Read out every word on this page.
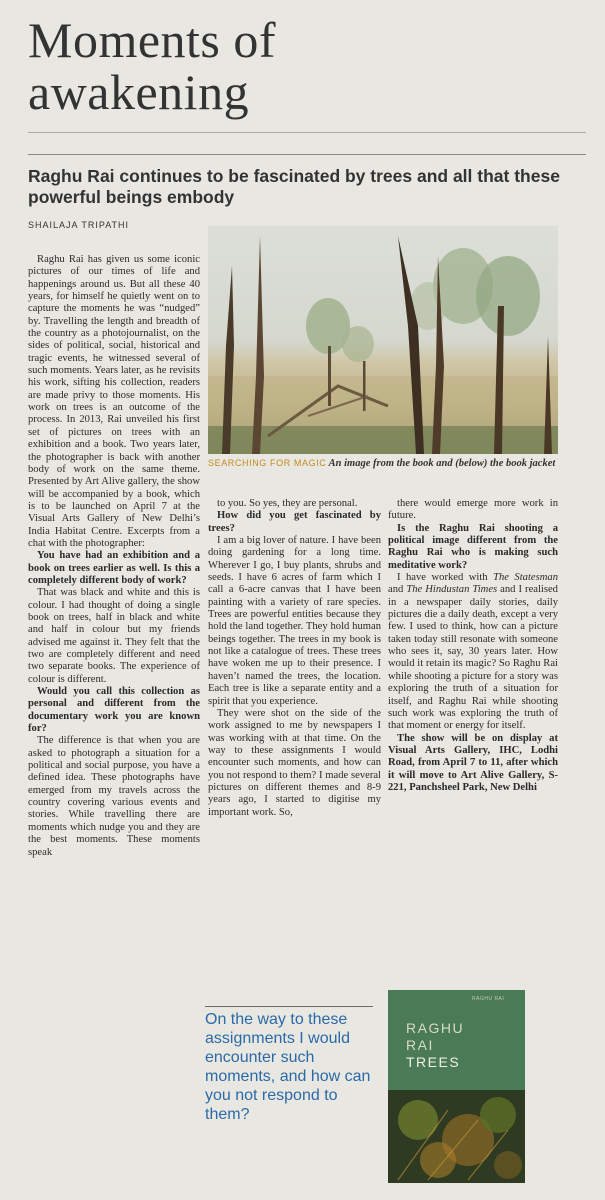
Moments of
awakening

Raghu Rai continues to be fascinated by trees and all that these powerful beings embody

SHAILAJA TRIPATHI

Raghu Rai has given us some iconic pictures of our times of life and happenings around us. But all these 40 years, for himself he quietly went on to capture the moments he was “nudged” by. Travelling the length and breadth of the country as a photojournalist, on the sides of political, social, historical and tragic events, he witnessed several of such moments. Years later, as he revisits his work, sifting his collection, readers are made privy to those moments. His work on trees is an outcome of the process. In 2013, Rai unveiled his first set of pictures on trees with an exhibition and a book. Two years later, the photographer is back with another body of work on the same theme. Presented by Art Alive gallery, the show will be accompanied by a book, which is to be launched on April 7 at the Visual Arts Gallery of New Delhi’s India Habitat Centre. Excerpts from a chat with the photographer:

You have had an exhibition and a book on trees earlier as well. Is this a completely different body of work?

That was black and white and this is colour. I had thought of doing a single book on trees, half in black and white and half in colour but my friends advised me against it. They felt that the two are completely different and need two separate books. The experience of colour is different.

Would you call this collection as personal and different from the documentary work you are known for?

The difference is that when you are asked to photograph a situation for a political and social purpose, you have a defined idea. These photographs have emerged from my travels across the country covering various events and stories. While travelling there are moments which nudge you and they are the best moments. These moments speak

SEARCHING FOR MAGIC An image from the book and (below) the book jacket

to you. So yes, they are personal.

How did you get fascinated by trees?

I am a big lover of nature. I have been doing gardening for a long time. Wherever I go, I buy plants, shrubs and seeds. I have 6 acres of farm which I call a 6-acre canvas that I have been painting with a variety of rare species. Trees are powerful entities because they hold the land together. They hold human beings together. The trees in my book is not like a catalogue of trees. These trees have woken me up to their presence. I haven’t named the trees, the location. Each tree is like a separate entity and a spirit that you experience.

They were shot on the side of the work assigned to me by newspapers I was working with at that time. On the way to these assignments I would encounter such moments, and how can you not respond to them? I made several pictures on different themes and 8-9 years ago, I started to digitise my important work. So,

there would emerge more work in future.

Is the Raghu Rai shooting a political image different from the Raghu Rai who is making such meditative work?

I have worked with The Statesman and The Hindustan Times and I realised in a newspaper daily stories, daily pictures die a daily death, except a very few. I used to think, how can a picture taken today still resonate with someone who sees it, say, 30 years later. How would it retain its magic? So Raghu Rai while shooting a picture for a story was exploring the truth of a situation for itself, and Raghu Rai while shooting such work was exploring the truth of that moment or energy for itself.

The show will be on display at Visual Arts Gallery, IHC, Lodhi Road, from April 7 to 11, after which it will move to Art Alive Gallery, S-221, Panchsheel Park, New Delhi

On the way to these assignments I would encounter such moments, and how can you not respond to them?
RAGHU RAI
RAGHU
RAI
TREES
